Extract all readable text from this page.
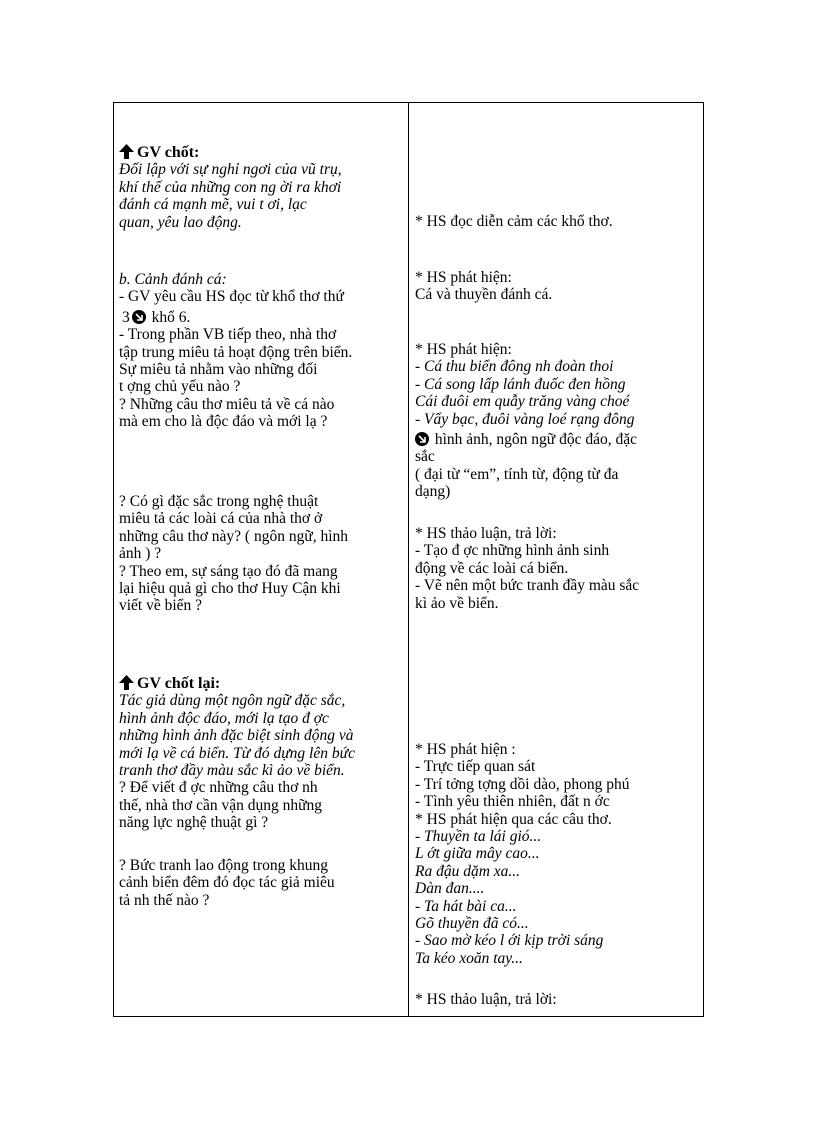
GV chốt:
Đối lập với sự nghỉ ngơi của vũ trụ,
khí thế của những con ng ời ra khơi
đánh cá mạnh mẽ, vui t ơi, lạc
quan, yêu lao động.
b. Cảnh đánh cá:
- GV yêu cầu HS đọc từ khổ thơ thứ
3 khổ 6.
- Trong phần VB tiếp theo, nhà thơ
tập trung miêu tả hoạt động trên biển.
Sự miêu tả nhằm vào những đối
t ợng chủ yếu nào ?
? Những câu thơ miêu tả về cá nào
mà em cho là độc đáo và mới lạ ?
? Có gì đặc sắc trong nghệ thuật
miêu tả các loài cá của nhà thơ ở
những câu thơ này? ( ngôn ngữ, hình
ảnh ) ?
? Theo em, sự sáng tạo đó đã mang
lại hiệu quả gì cho thơ Huy Cận khi
viết về biển ?
GV chốt lại:
Tác giả dùng một ngôn ngữ đặc sắc,
hình ảnh độc đáo, mới lạ tạo đ ợc
những hình ảnh đặc biệt sinh động và
mới lạ về cá biển. Từ đó dựng lên bức
tranh thơ đầy màu sắc kì ảo về biển.
? Để viết đ ợc những câu thơ nh
thế, nhà thơ cần vận dụng những
năng lực nghệ thuật gì ?
? Bức tranh lao động trong khung
cảnh biển đêm đó đọc tác giả miêu
tả nh thế nào ?
* HS đọc diễn cảm các khổ thơ.
* HS phát hiện:
Cá và thuyền đánh cá.
* HS phát hiện:
- Cá thu biển đông nh đoàn thoi
- Cá song lấp lánh đuốc đen hồng
Cái đuôi em quẫy trăng vàng choé
- Vẩy bạc, đuôi vàng loé rạng đông
hình ảnh, ngôn ngữ độc đáo, đặc
sắc
( đại từ “em”, tính từ, động từ đa
dạng)
* HS thảo luận, trả lời:
- Tạo đ ợc những hình ảnh sinh
động về các loài cá biển.
- Vẽ nên một bức tranh đầy màu sắc
kì ảo về biển.
* HS phát hiện :
- Trực tiếp quan sát
- Trí tởng tợng dồi dào, phong phú
- Tình yêu thiên nhiên, đất n ớc
* HS phát hiện qua các câu thơ.
- Thuyền ta lái gió...
L ớt giữa mây cao...
Ra đậu dặm xa...
Dàn đan....
- Ta hát bài ca...
Gõ thuyền đã có...
- Sao mờ kéo l ới kịp trời sáng
Ta kéo xoăn tay...
* HS thảo luận, trả lời:
